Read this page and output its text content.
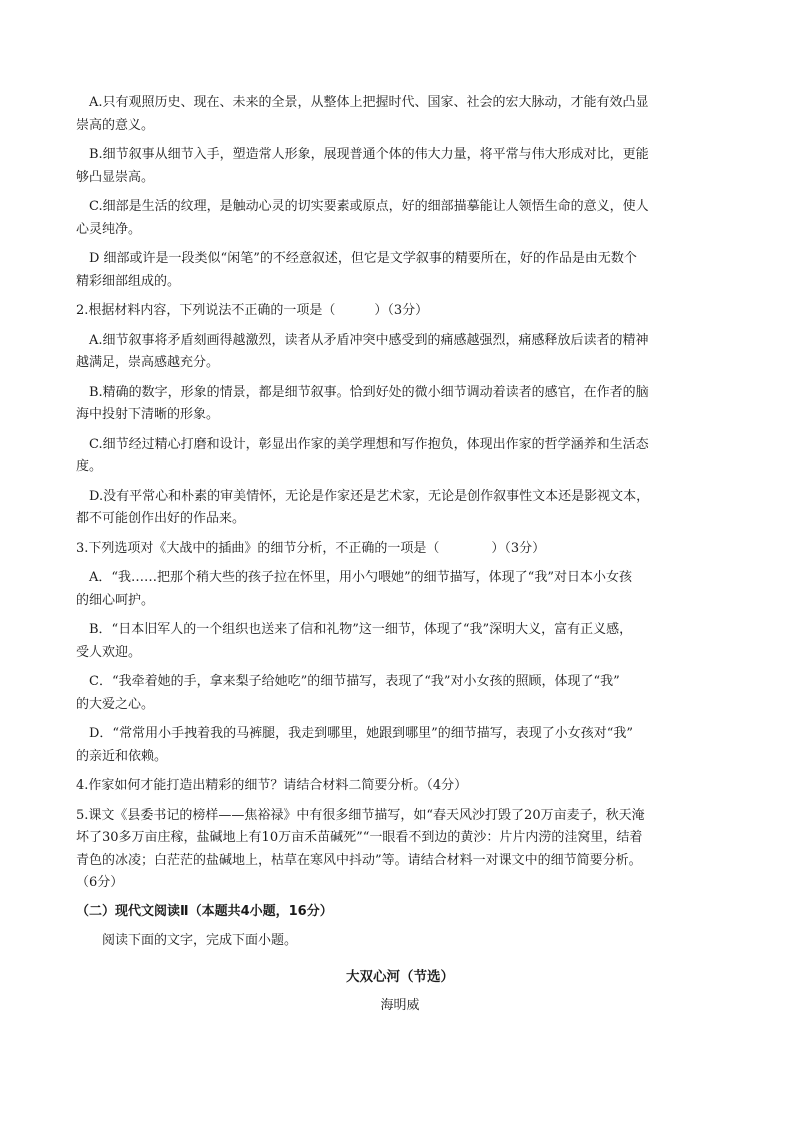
A.只有观照历史、现在、未来的全景，从整体上把握时代、国家、社会的宏大脉动，才能有效凸显

崇高的意义。

B.细节叙事从细节入手，塑造常人形象，展现普通个体的伟大力量，将平常与伟大形成对比，更能

够凸显崇高。

C.细部是生活的纹理，是触动心灵的切实要素或原点，好的细部描摹能让人领悟生命的意义，使人

心灵纯净。

D 细部或许是一段类似“闲笔”的不经意叙述，但它是文学叙事的精要所在，好的作品是由无数个

精彩细部组成的。

2.根据材料内容，下列说法不正确的一项是（　　　）（3分）

A.细节叙事将矛盾刻画得越激烈，读者从矛盾冲突中感受到的痛感越强烈，痛感释放后读者的精神

越满足，崇高感越充分。

B.精确的数字，形象的情景，都是细节叙事。恰到好处的微小细节调动着读者的感官，在作者的脑

海中投射下清晰的形象。

C.细节经过精心打磨和设计，彰显出作家的美学理想和写作抱负，体现出作家的哲学涵养和生活态

度。

D.没有平常心和朴素的审美情怀，无论是作家还是艺术家，无论是创作叙事性文本还是影视文本，

都不可能创作出好的作品来。

3.下列选项对《大战中的插曲》的细节分析，不正确的一项是（　　　　）（3分）

A．“我……把那个稍大些的孩子拉在怀里，用小勺喂她”的细节描写，体现了“我”对日本小女孩

的细心呵护。

B．“日本旧军人的一个组织也送来了信和礼物”这一细节，体现了“我”深明大义，富有正义感，

受人欢迎。

C．“我牵着她的手，拿来梨子给她吃”的细节描写，表现了“我”对小女孩的照顾，体现了“我”

的大爱之心。

D．“常常用小手拽着我的马裤腿，我走到哪里，她跟到哪里”的细节描写，表现了小女孩对“我”

的亲近和依赖。

4.作家如何才能打造出精彩的细节？请结合材料二简要分析。（4分）

5.课文《县委书记的榜样——焦裕禄》中有很多细节描写，如“春天风沙打毁了20万亩麦子，秋天淹

坏了30多万亩庄稼，盐碱地上有10万亩禾苗碱死”“一眼看不到边的黄沙：片片内涝的洼窝里，结着

青色的冰凌；白茫茫的盐碱地上，枯草在寒风中抖动”等。请结合材料一对课文中的细节简要分析。

（6分）

（二）现代文阅读Ⅱ（本题共4小题，16分）

阅读下面的文字，完成下面小题。

大双心河（节选）

海明威
